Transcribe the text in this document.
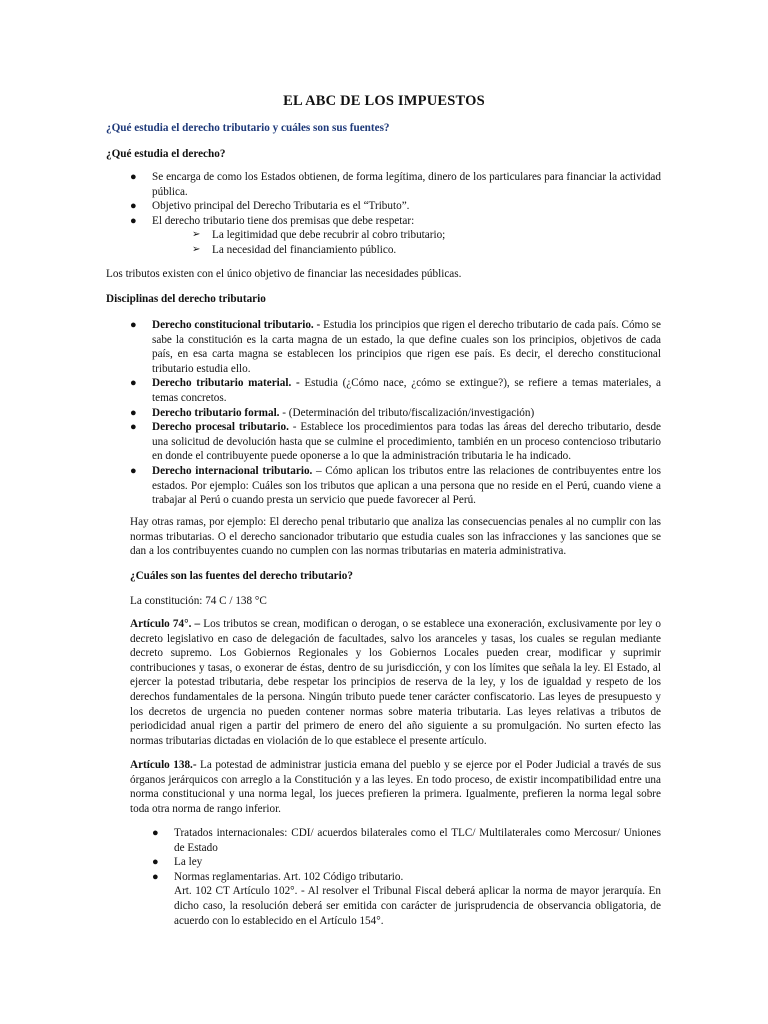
EL ABC DE LOS IMPUESTOS
¿Qué estudia el derecho tributario y cuáles son sus fuentes?
¿Qué estudia el derecho?
● Se encarga de como los Estados obtienen, de forma legítima, dinero de los particulares para financiar la actividad pública.
● Objetivo principal del Derecho Tributaria es el “Tributo”.
● El derecho tributario tiene dos premisas que debe respetar:
➢ La legitimidad que debe recubrir al cobro tributario;
➢ La necesidad del financiamiento público.
Los tributos existen con el único objetivo de financiar las necesidades públicas.
Disciplinas del derecho tributario
● Derecho constitucional tributario. - Estudia los principios que rigen el derecho tributario de cada país. Cómo se sabe la constitución es la carta magna de un estado, la que define cuales son los principios, objetivos de cada país, en esa carta magna se establecen los principios que rigen ese país. Es decir, el derecho constitucional tributario estudia ello.
● Derecho tributario material. - Estudia (¿Cómo nace, ¿cómo se extingue?), se refiere a temas materiales, a temas concretos.
● Derecho tributario formal. - (Determinación del tributo/fiscalización/investigación)
● Derecho procesal tributario. - Establece los procedimientos para todas las áreas del derecho tributario, desde una solicitud de devolución hasta que se culmine el procedimiento, también en un proceso contencioso tributario en donde el contribuyente puede oponerse a lo que la administración tributaria le ha indicado.
● Derecho internacional tributario. – Cómo aplican los tributos entre las relaciones de contribuyentes entre los estados. Por ejemplo: Cuáles son los tributos que aplican a una persona que no reside en el Perú, cuando viene a trabajar al Perú o cuando presta un servicio que puede favorecer al Perú.
Hay otras ramas, por ejemplo: El derecho penal tributario que analiza las consecuencias penales al no cumplir con las normas tributarias. O el derecho sancionador tributario que estudia cuales son las infracciones y las sanciones que se dan a los contribuyentes cuando no cumplen con las normas tributarias en materia administrativa.
¿Cuáles son las fuentes del derecho tributario?
La constitución: 74 C / 138 °C
Artículo 74°. – Los tributos se crean, modifican o derogan, o se establece una exoneración, exclusivamente por ley o decreto legislativo en caso de delegación de facultades, salvo los aranceles y tasas, los cuales se regulan mediante decreto supremo. Los Gobiernos Regionales y los Gobiernos Locales pueden crear, modificar y suprimir contribuciones y tasas, o exonerar de éstas, dentro de su jurisdicción, y con los límites que señala la ley. El Estado, al ejercer la potestad tributaria, debe respetar los principios de reserva de la ley, y los de igualdad y respeto de los derechos fundamentales de la persona. Ningún tributo puede tener carácter confiscatorio. Las leyes de presupuesto y los decretos de urgencia no pueden contener normas sobre materia tributaria. Las leyes relativas a tributos de periodicidad anual rigen a partir del primero de enero del año siguiente a su promulgación. No surten efecto las normas tributarias dictadas en violación de lo que establece el presente artículo.
Artículo 138.- La potestad de administrar justicia emana del pueblo y se ejerce por el Poder Judicial a través de sus órganos jerárquicos con arreglo a la Constitución y a las leyes. En todo proceso, de existir incompatibilidad entre una norma constitucional y una norma legal, los jueces prefieren la primera. Igualmente, prefieren la norma legal sobre toda otra norma de rango inferior.
● Tratados internacionales: CDI/ acuerdos bilaterales como el TLC/ Multilaterales como Mercosur/ Uniones de Estado
● La ley
● Normas reglamentarias. Art. 102 Código tributario.
Art. 102 CT Artículo 102°. - Al resolver el Tribunal Fiscal deberá aplicar la norma de mayor jerarquía. En dicho caso, la resolución deberá ser emitida con carácter de jurisprudencia de observancia obligatoria, de acuerdo con lo establecido en el Artículo 154°.
